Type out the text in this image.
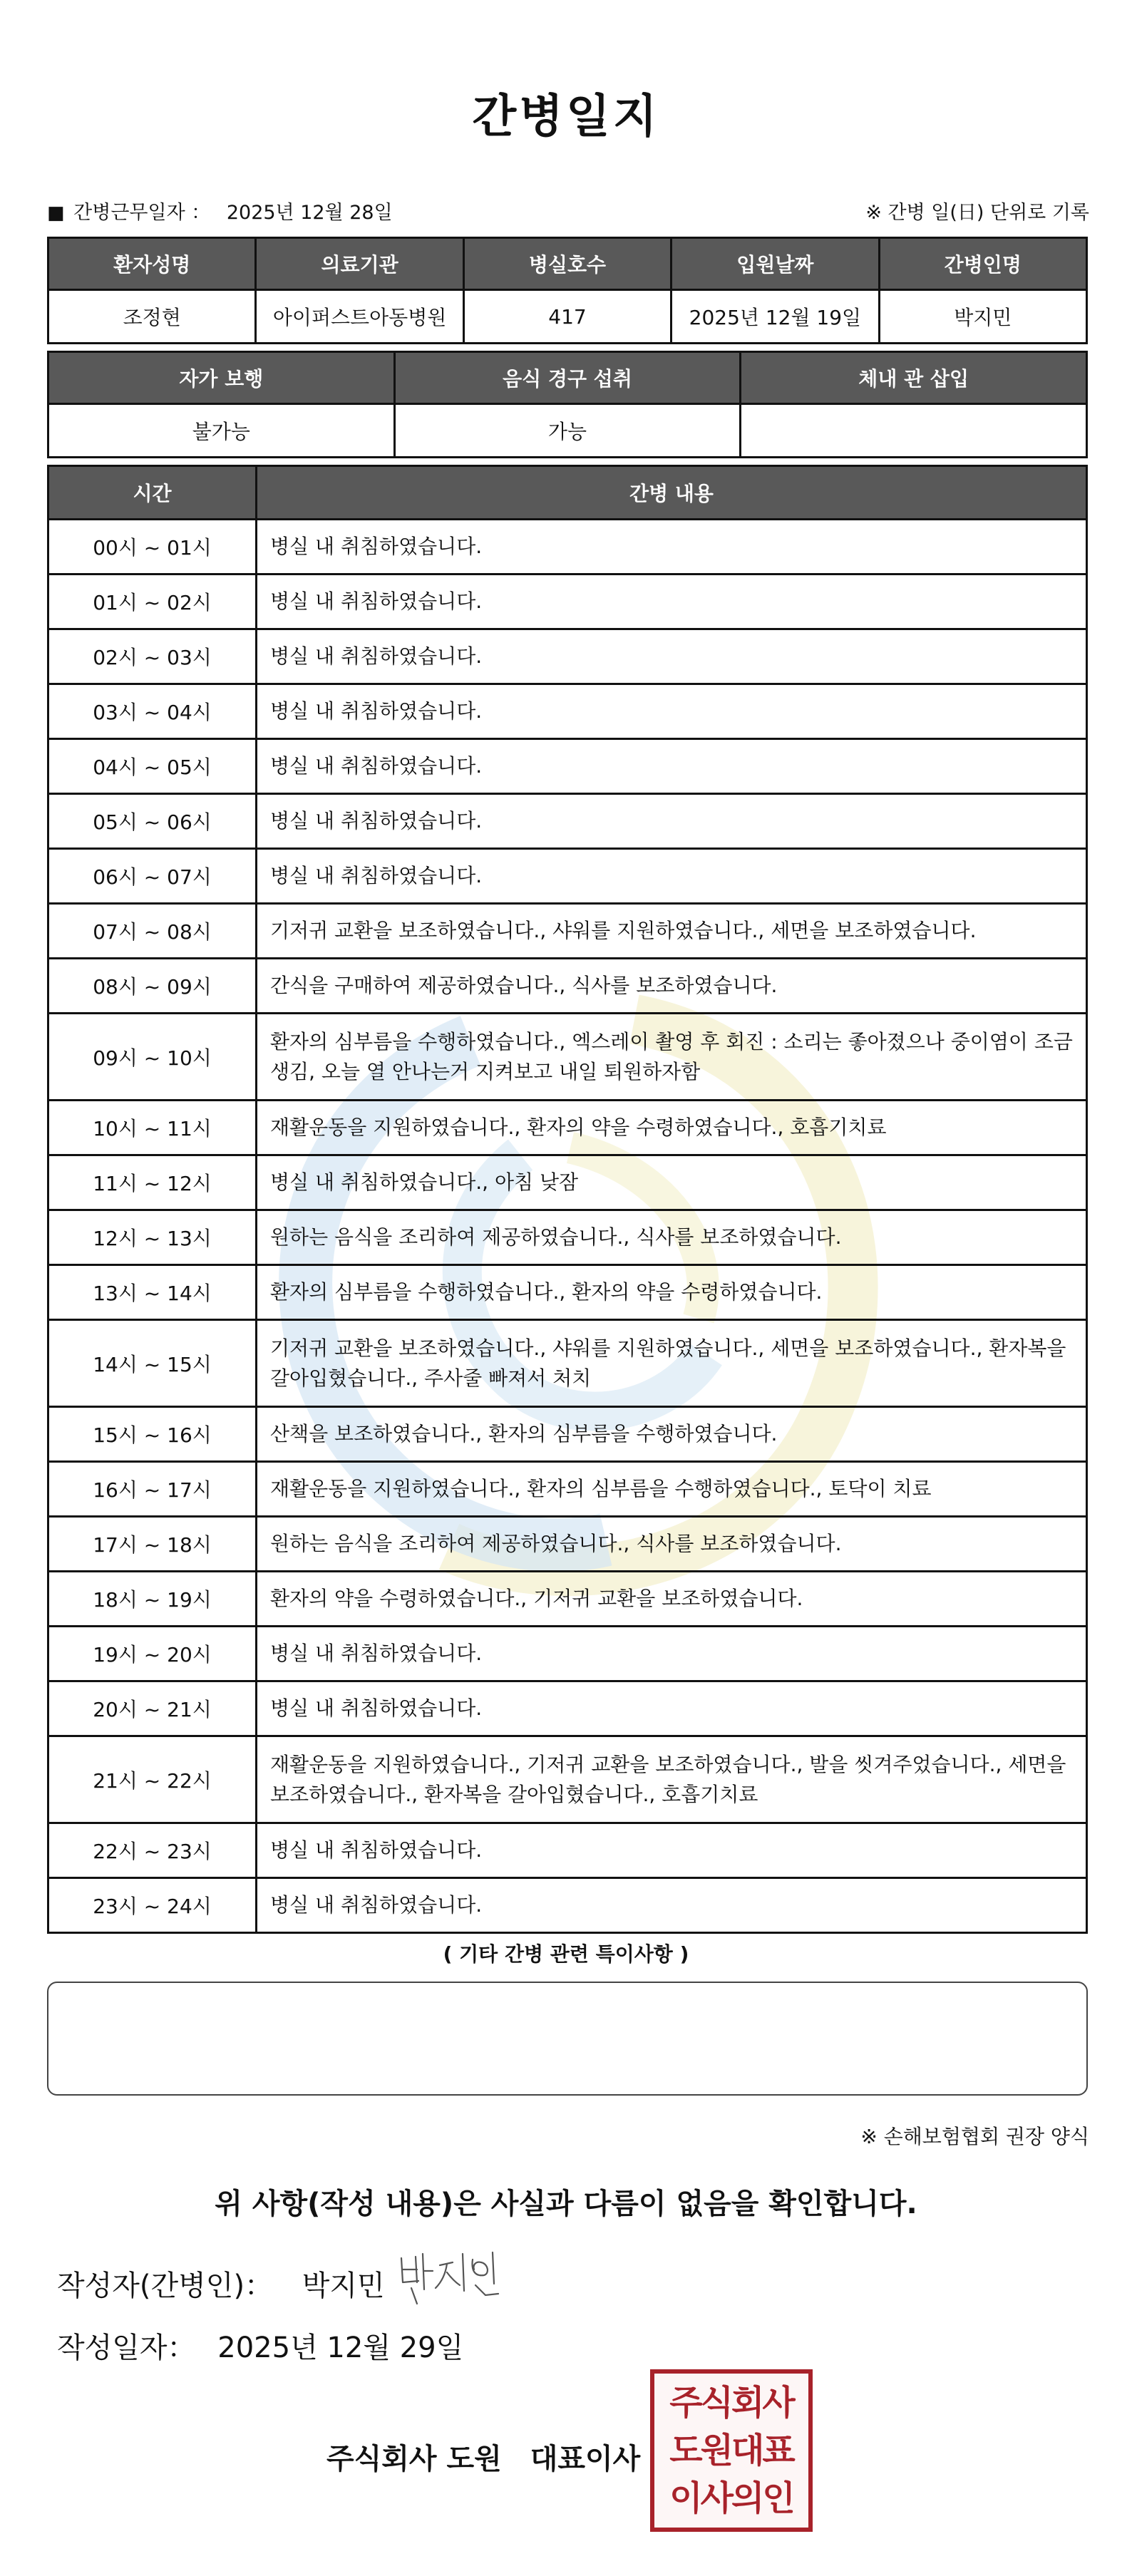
간병일지
■ 간병근무일자 ： 2025년 12월 28일	※ 간병 일(日) 단위로 기록
환자성명	의료기관	병실호수	입원날짜	간병인명
조정현	아이퍼스트아동병원	417	2025년 12월 19일	박지민
자가 보행	음식 경구 섭취	체내 관 삽입
불가능	가능	
시간	간병 내용
00시 ~ 01시	병실 내 취침하였습니다.
01시 ~ 02시	병실 내 취침하였습니다.
02시 ~ 03시	병실 내 취침하였습니다.
03시 ~ 04시	병실 내 취침하였습니다.
04시 ~ 05시	병실 내 취침하였습니다.
05시 ~ 06시	병실 내 취침하였습니다.
06시 ~ 07시	병실 내 취침하였습니다.
07시 ~ 08시	기저귀 교환을 보조하였습니다., 샤워를 지원하였습니다., 세면을 보조하였습니다.
08시 ~ 09시	간식을 구매하여 제공하였습니다., 식사를 보조하였습니다.
09시 ~ 10시	환자의 심부름을 수행하였습니다., 엑스레이 촬영 후 회진 : 소리는 좋아졌으나 중이염이 조금 생김, 오늘 열 안나는거 지켜보고 내일 퇴원하자함
10시 ~ 11시	재활운동을 지원하였습니다., 환자의 약을 수령하였습니다., 호흡기치료
11시 ~ 12시	병실 내 취침하였습니다., 아침 낮잠
12시 ~ 13시	원하는 음식을 조리하여 제공하였습니다., 식사를 보조하였습니다.
13시 ~ 14시	환자의 심부름을 수행하였습니다., 환자의 약을 수령하였습니다.
14시 ~ 15시	기저귀 교환을 보조하였습니다., 샤워를 지원하였습니다., 세면을 보조하였습니다., 환자복을 갈아입혔습니다., 주사줄 빠져서 처치
15시 ~ 16시	산책을 보조하였습니다., 환자의 심부름을 수행하였습니다.
16시 ~ 17시	재활운동을 지원하였습니다., 환자의 심부름을 수행하였습니다., 토닥이 치료
17시 ~ 18시	원하는 음식을 조리하여 제공하였습니다., 식사를 보조하였습니다.
18시 ~ 19시	환자의 약을 수령하였습니다., 기저귀 교환을 보조하였습니다.
19시 ~ 20시	병실 내 취침하였습니다.
20시 ~ 21시	병실 내 취침하였습니다.
21시 ~ 22시	재활운동을 지원하였습니다., 기저귀 교환을 보조하였습니다., 발을 씻겨주었습니다., 세면을 보조하였습니다., 환자복을 갈아입혔습니다., 호흡기치료
22시 ~ 23시	병실 내 취침하였습니다.
23시 ~ 24시	병실 내 취침하였습니다.
( 기타 간병 관련 특이사항 )
※ 손해보험협회 권장 양식
위 사항(작성 내용)은 사실과 다름이 없음을 확인합니다.
작성자(간병인)： 박지민
작성일자： 2025년 12월 29일
주식회사 도원 대표이사
주식회사
도원대표
이사의인
